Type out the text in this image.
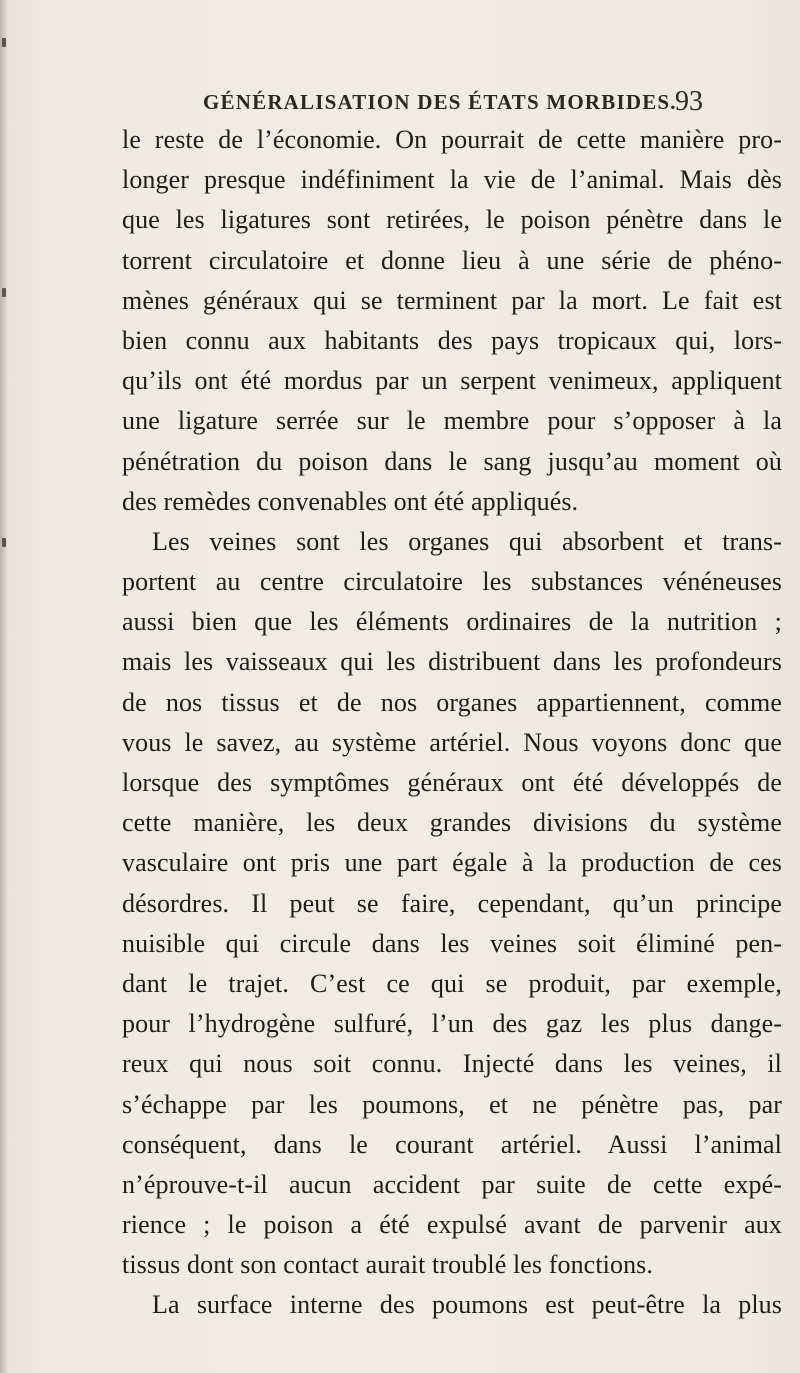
GÉNÉRALISATION DES ÉTATS MORBIDES.
93
le reste de l’économie. On pourrait de cette manière pro-
longer presque indéfiniment la vie de l’animal. Mais dès
que les ligatures sont retirées, le poison pénètre dans le
torrent circulatoire et donne lieu à une série de phéno-
mènes généraux qui se terminent par la mort. Le fait est
bien connu aux habitants des pays tropicaux qui, lors-
qu’ils ont été mordus par un serpent venimeux, appliquent
une ligature serrée sur le membre pour s’opposer à la
pénétration du poison dans le sang jusqu’au moment où
des remèdes convenables ont été appliqués.
Les veines sont les organes qui absorbent et trans-
portent au centre circulatoire les substances vénéneuses
aussi bien que les éléments ordinaires de la nutrition ;
mais les vaisseaux qui les distribuent dans les profondeurs
de nos tissus et de nos organes appartiennent, comme
vous le savez, au système artériel. Nous voyons donc que
lorsque des symptômes généraux ont été développés de
cette manière, les deux grandes divisions du système
vasculaire ont pris une part égale à la production de ces
désordres. Il peut se faire, cependant, qu’un principe
nuisible qui circule dans les veines soit éliminé pen-
dant le trajet. C’est ce qui se produit, par exemple,
pour l’hydrogène sulfuré, l’un des gaz les plus dange-
reux qui nous soit connu. Injecté dans les veines, il
s’échappe par les poumons, et ne pénètre pas, par
conséquent, dans le courant artériel. Aussi l’animal
n’éprouve-t-il aucun accident par suite de cette expé-
rience ; le poison a été expulsé avant de parvenir aux
tissus dont son contact aurait troublé les fonctions.
La surface interne des poumons est peut-être la plus
